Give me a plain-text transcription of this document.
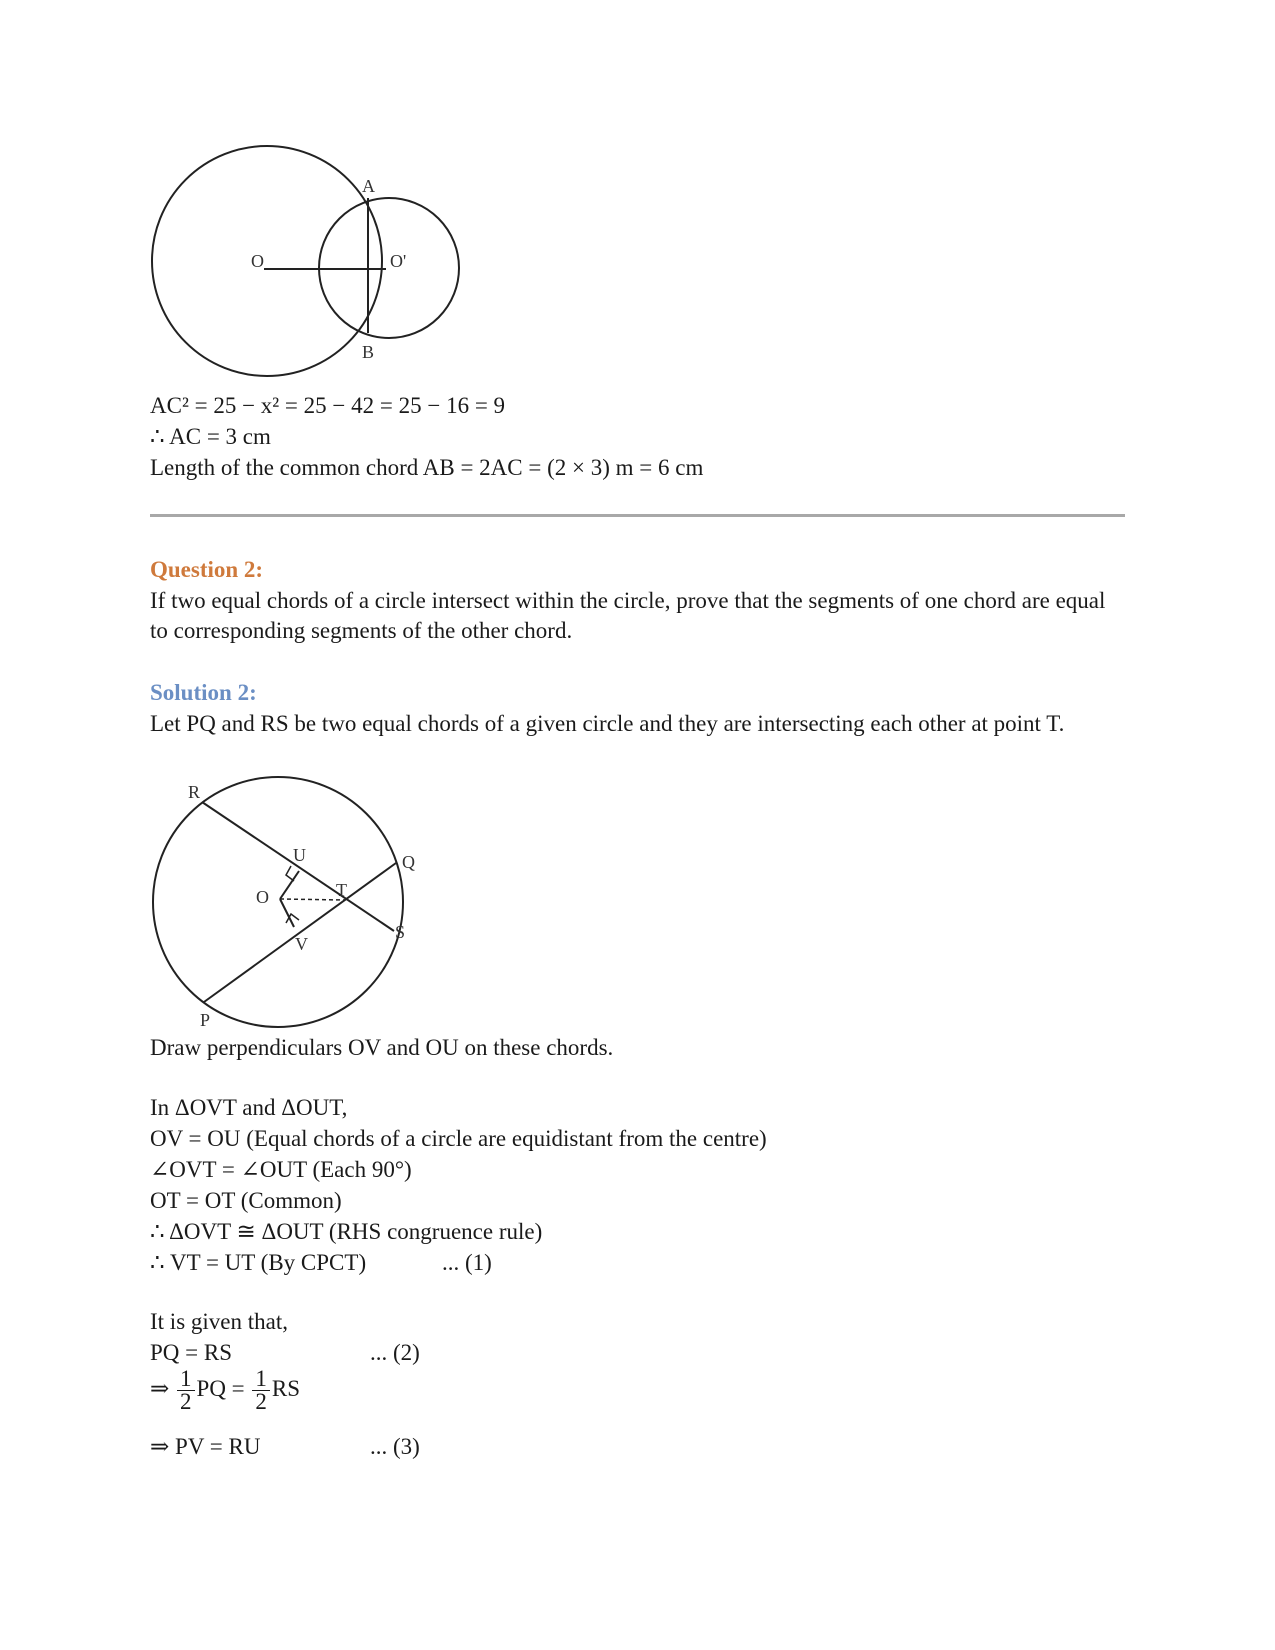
A
B
O	O'
AC² = 25 − x² = 25 − 42 = 25 − 16 = 9
∴ AC = 3 cm
Length of the common chord AB = 2AC = (2 × 3) m = 6 cm
Question 2:
If two equal chords of a circle intersect within the circle, prove that the segments of one chord are equal to corresponding segments of the other chord.
Solution 2:
Let PQ and RS be two equal chords of a given circle and they are intersecting each other at point T.
R
Q
S
P
O
U
V
T
Draw perpendiculars OV and OU on these chords.
In ΔOVT and ΔOUT,
OV = OU (Equal chords of a circle are equidistant from the centre)
∠OVT = ∠OUT (Each 90°)
OT = OT (Common)
∴ ΔOVT ≅ ΔOUT (RHS congruence rule)
∴ VT = UT (By CPCT)	... (1)
It is given that,
PQ = RS	... (2)
⇒ $\frac{1}{2}$ PQ = $\frac{1}{2}$ RS
⇒ PV = RU	... (3)
